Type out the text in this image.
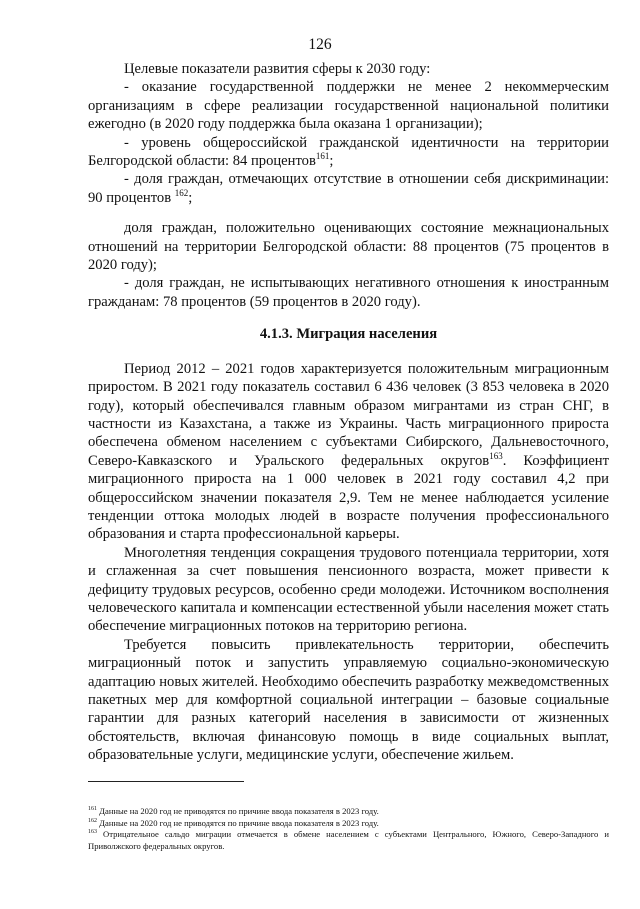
126

Целевые показатели развития сферы к 2030 году:

- оказание государственной поддержки не менее 2 некоммерческим организациям в сфере реализации государственной национальной политики ежегодно (в 2020 году поддержка была оказана 1 организации);

- уровень общероссийской гражданской идентичности на территории Белгородской области: 84 процентов$^{161}$;

- доля граждан, отмечающих отсутствие в отношении себя дискриминации: 90 процентов $^{162}$;

доля граждан, положительно оценивающих состояние межнациональных отношений на территории Белгородской области: 88 процентов (75 процентов в 2020 году);

- доля граждан, не испытывающих негативного отношения к иностранным гражданам: 78 процентов (59 процентов в 2020 году).

4.1.3. Миграция населения

Период 2012 – 2021 годов характеризуется положительным миграционным приростом. В 2021 году показатель составил 6 436 человек (3 853 человека в 2020 году), который обеспечивался главным образом мигрантами из стран СНГ, в частности из Казахстана, а также из Украины. Часть миграционного прироста обеспечена обменом населением с субъектами Сибирского, Дальневосточного, Северо-Кавказского и Уральского федеральных округов$^{163}$. Коэффициент миграционного прироста на 1 000 человек в 2021 году составил 4,2 при общероссийском значении показателя 2,9. Тем не менее наблюдается усиление тенденции оттока молодых людей в возрасте получения профессионального образования и старта профессиональной карьеры.

Многолетняя тенденция сокращения трудового потенциала территории, хотя и сглаженная за счет повышения пенсионного возраста, может привести к дефициту трудовых ресурсов, особенно среди молодежи. Источником восполнения человеческого капитала и компенсации естественной убыли населения может стать обеспечение миграционных потоков на территорию региона.

Требуется повысить привлекательность территории, обеспечить миграционный поток и запустить управляемую социально-экономическую адаптацию новых жителей. Необходимо обеспечить разработку межведомственных пакетных мер для комфортной социальной интеграции – базовые социальные гарантии для разных категорий населения в зависимости от жизненных обстоятельств, включая финансовую помощь в виде социальных выплат, образовательные услуги, медицинские услуги, обеспечение жильем.

$^{161}$ Данные на 2020 год не приводятся по причине ввода показателя в 2023 году.

$^{162}$ Данные на 2020 год не приводятся по причине ввода показателя в 2023 году.

$^{163}$ Отрицательное сальдо миграции отмечается в обмене населением с субъектами Центрального, Южного, Северо-Западного и Приволжского федеральных округов.
